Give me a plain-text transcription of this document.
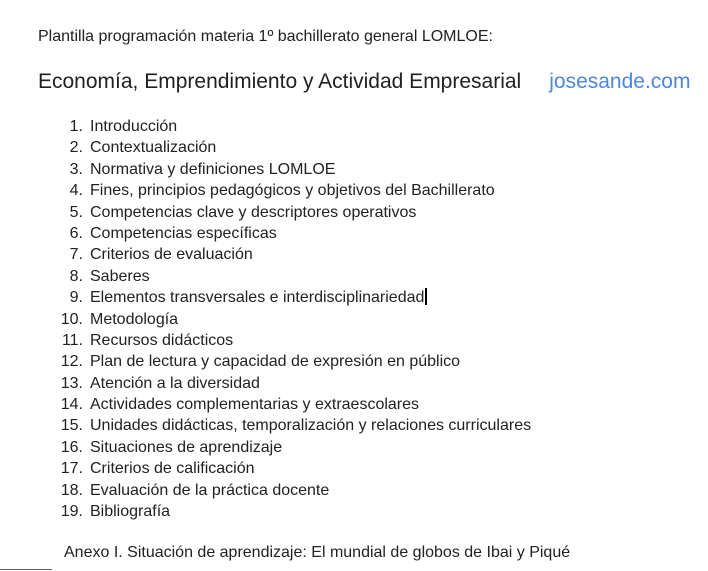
Plantilla programación materia 1º bachillerato general LOMLOE:
Economía, Emprendimiento y Actividad Empresarial josesande.com
1. Introducción
2. Contextualización
3. Normativa y definiciones LOMLOE
4. Fines, principios pedagógicos y objetivos del Bachillerato
5. Competencias clave y descriptores operativos
6. Competencias específicas
7. Criterios de evaluación
8. Saberes
9. Elementos transversales e interdisciplinariedad
10. Metodología
11. Recursos didácticos
12. Plan de lectura y capacidad de expresión en público
13. Atención a la diversidad
14. Actividades complementarias y extraescolares
15. Unidades didácticas, temporalización y relaciones curriculares
16. Situaciones de aprendizaje
17. Criterios de calificación
18. Evaluación de la práctica docente
19. Bibliografía
Anexo I. Situación de aprendizaje: El mundial de globos de Ibai y Piqué
